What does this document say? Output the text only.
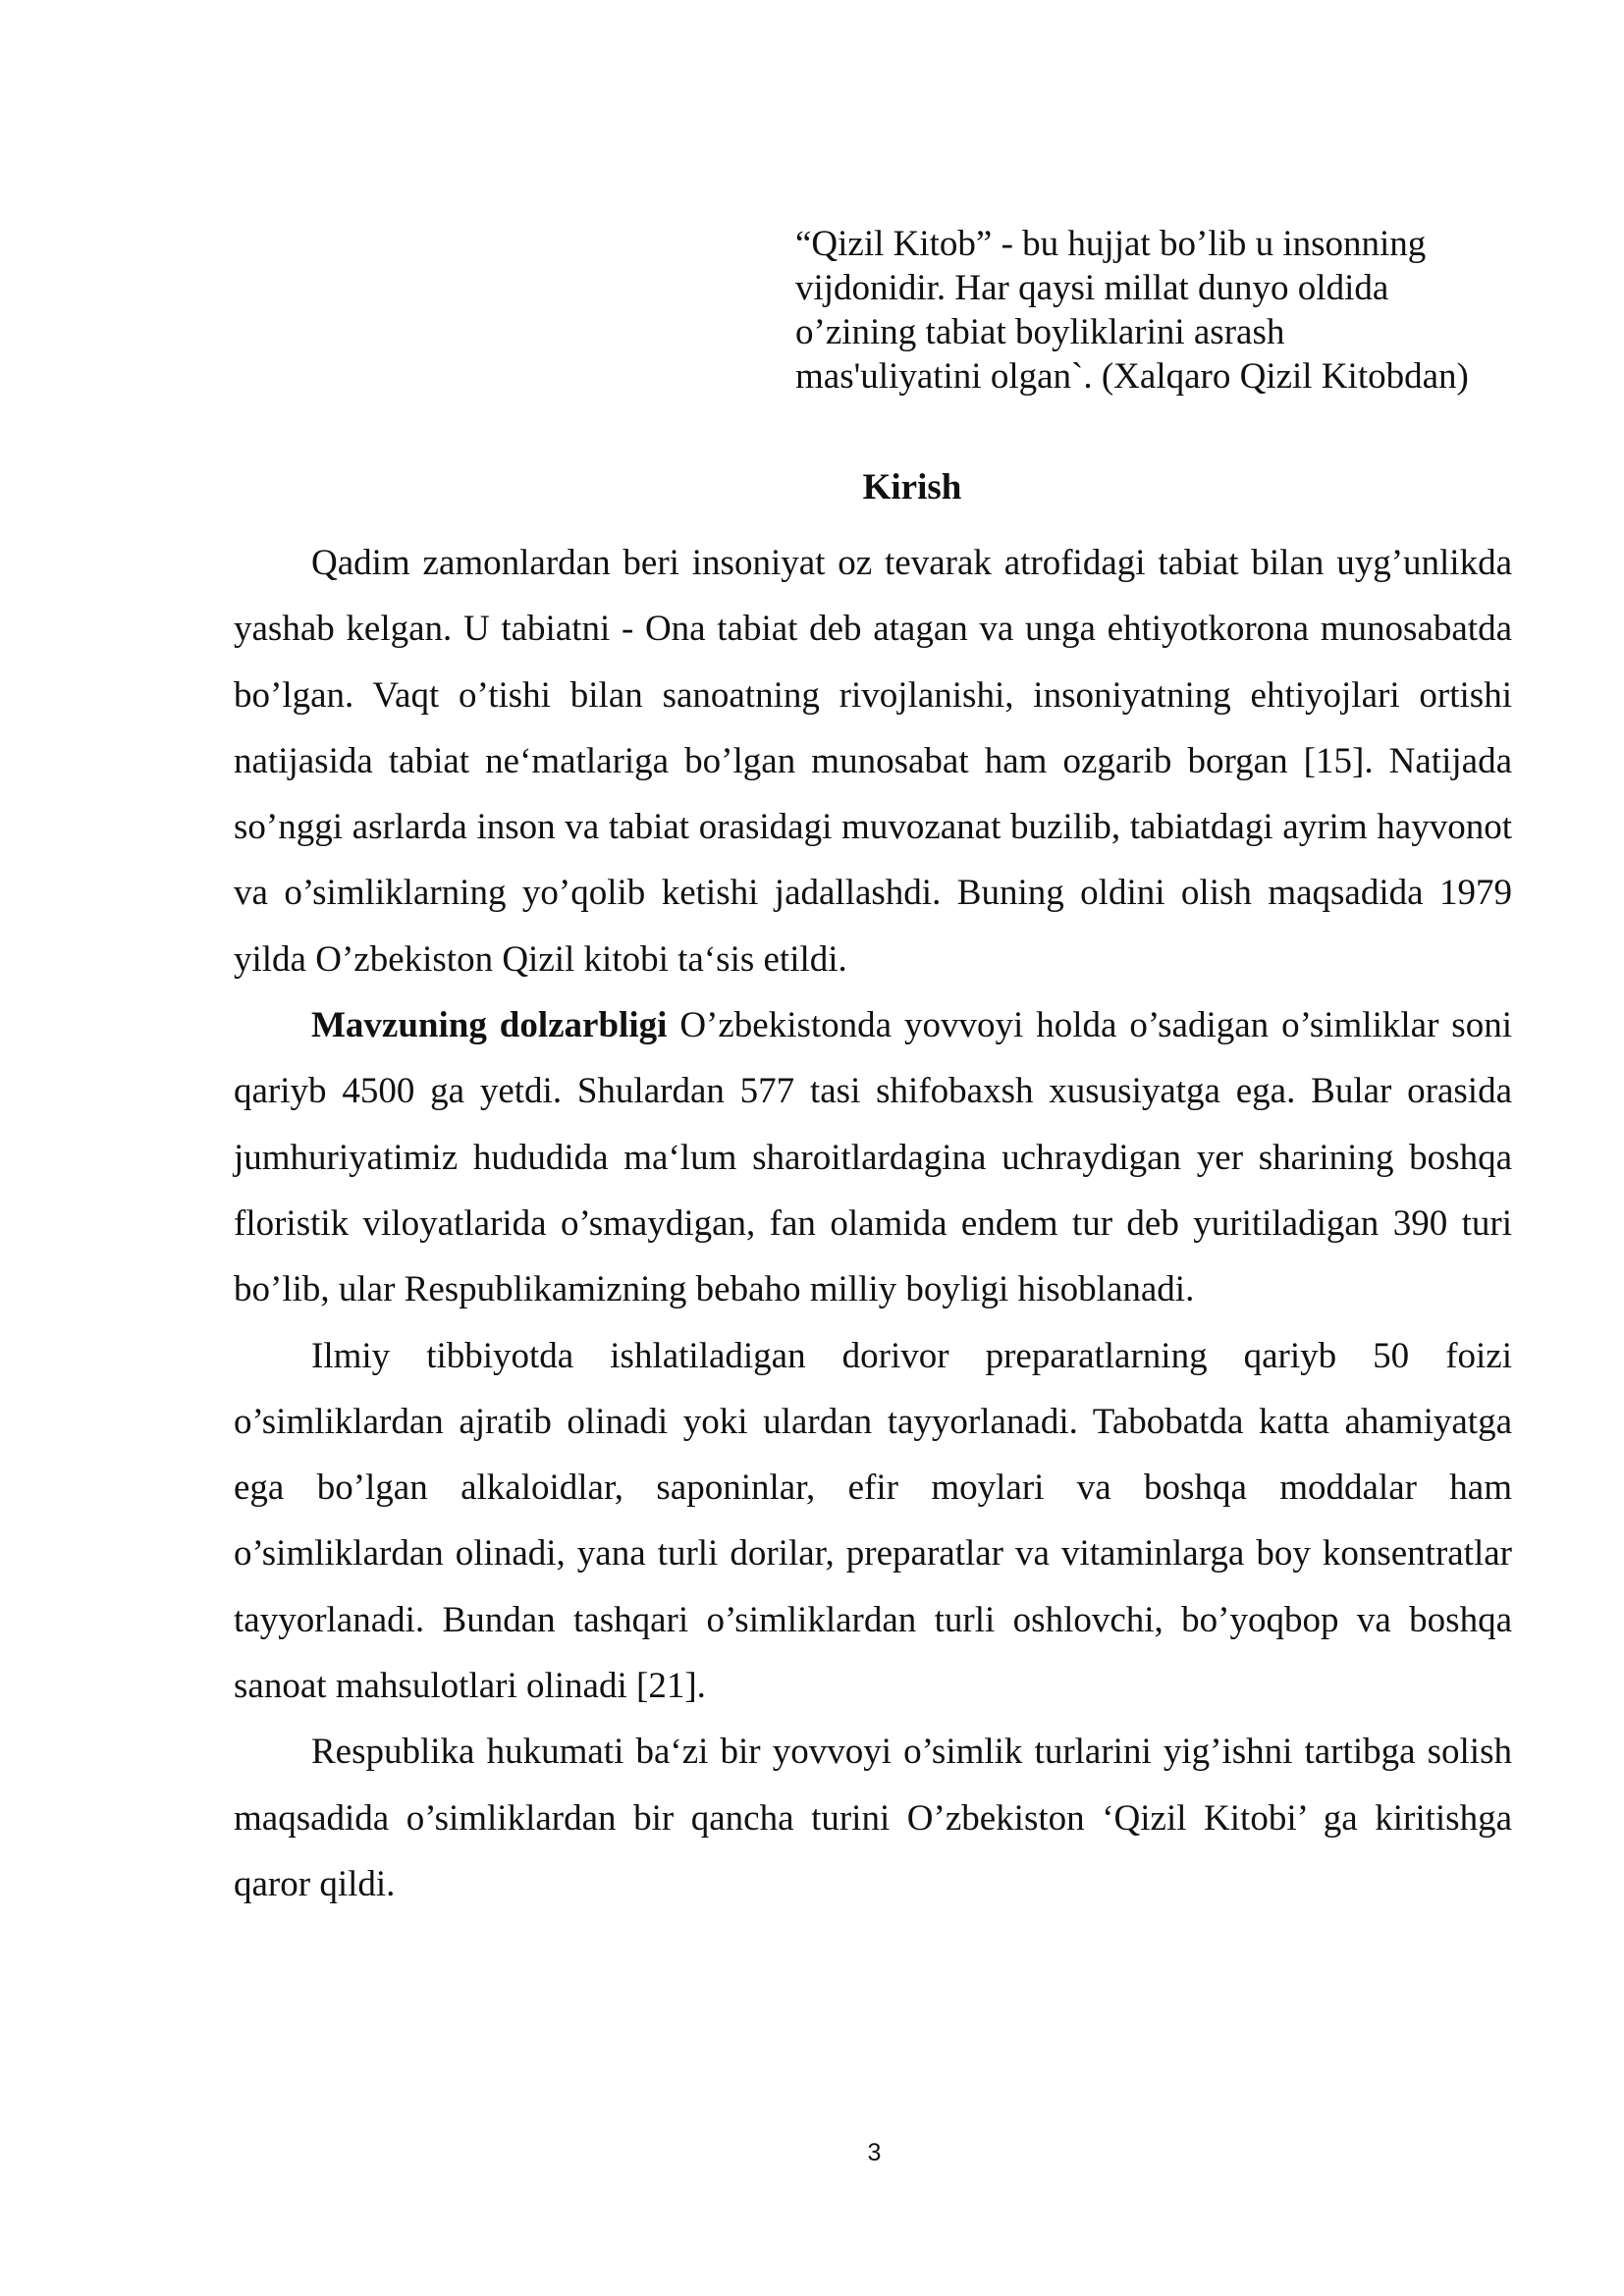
“Qizil Kitob” - bu hujjat bo’lib u insonning
vijdonidir. Har qaysi millat dunyo oldida
o’zining tabiat boyliklarini asrash
mas'uliyatini olgan`. (Xalqaro Qizil Kitobdan)
Kirish

Qadim zamonlardan beri insoniyat oz tevarak atrofidagi tabiat bilan uyg’unlikda yashab kelgan. U tabiatni - Ona tabiat deb atagan va unga ehtiyotkorona munosabatda bo’lgan. Vaqt o’tishi bilan sanoatning rivojlanishi, insoniyatning ehtiyojlari ortishi natijasida tabiat ne‘matlariga bo’lgan munosabat ham ozgarib borgan [15]. Natijada so’nggi asrlarda inson va tabiat orasidagi muvozanat buzilib, tabiatdagi ayrim hayvonot va o’simliklarning yo’qolib ketishi jadallashdi. Buning oldini olish maqsadida 1979 yilda O’zbekiston Qizil kitobi ta‘sis etildi.

Mavzuning dolzarbligi O’zbekistonda yovvoyi holda o’sadigan o’simliklar soni qariyb 4500 ga yetdi. Shulardan 577 tasi shifobaxsh xususiyatga ega. Bular orasida jumhuriyatimiz hududida ma‘lum sharoitlardagina uchraydigan yer sharining boshqa floristik viloyatlarida o’smaydigan, fan olamida endem tur deb yuritiladigan 390 turi bo’lib, ular Respublikamizning bebaho milliy boyligi hisoblanadi.

Ilmiy tibbiyotda ishlatiladigan dorivor preparatlarning qariyb 50 foizi o’simliklardan ajratib olinadi yoki ulardan tayyorlanadi. Tabobatda katta ahamiyatga ega bo’lgan alkaloidlar, saponinlar, efir moylari va boshqa moddalar ham o’simliklardan olinadi, yana turli dorilar, preparatlar va vitaminlarga boy konsentratlar tayyorlanadi. Bundan tashqari o’simliklardan turli oshlovchi, bo’yoqbop va boshqa sanoat mahsulotlari olinadi [21].

Respublika hukumati ba‘zi bir yovvoyi o’simlik turlarini yig’ishni tartibga solish maqsadida o’simliklardan bir qancha turini O’zbekiston ‘Qizil Kitobi’ ga kiritishga qaror qildi.

3
